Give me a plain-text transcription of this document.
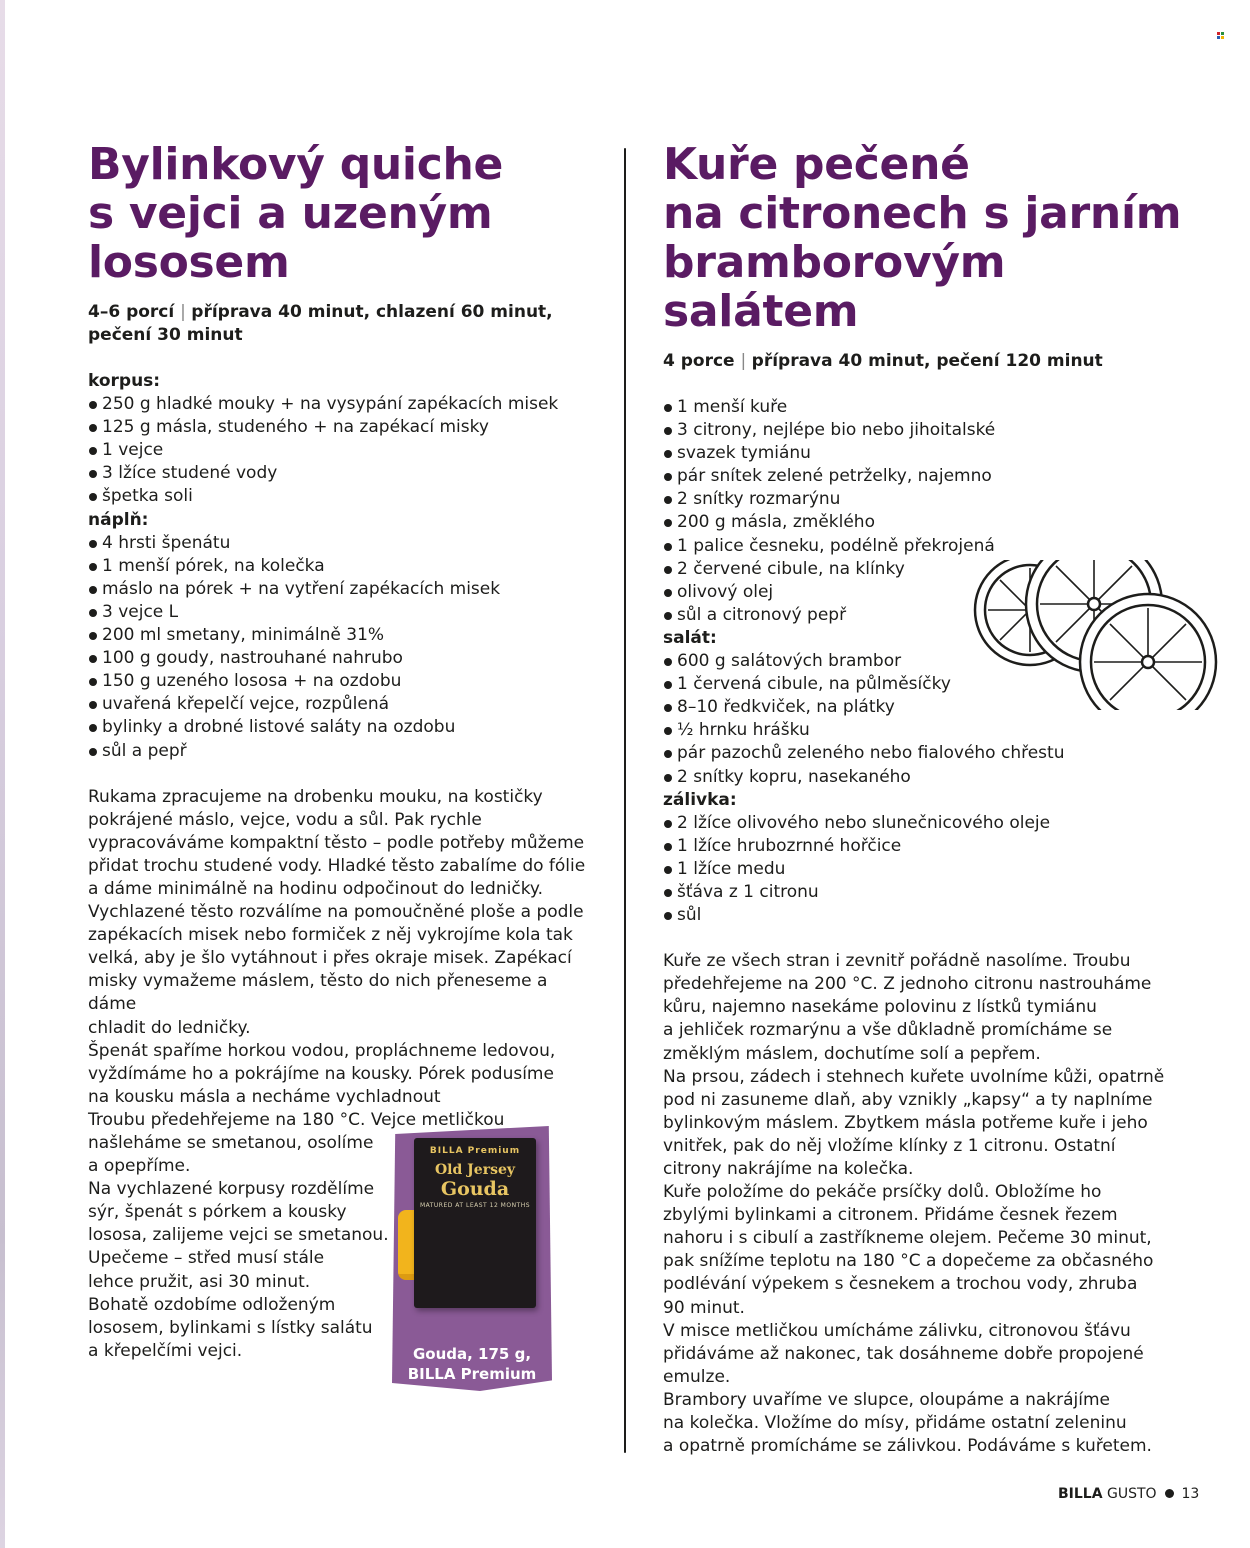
Bylinkový quiche
s vejci a uzeným
lososem
4–6 porcí | příprava 40 minut, chlazení 60 minut,
pečení 30 minut
korpus:
250 g hladké mouky + na vysypání zapékacích misek
125 g másla, studeného + na zapékací misky
1 vejce
3 lžíce studené vody
špetka soli
náplň:
4 hrsti špenátu
1 menší pórek, na kolečka
máslo na pórek + na vytření zapékacích misek
3 vejce L
200 ml smetany, minimálně 31%
100 g goudy, nastrouhané nahrubo
150 g uzeného lososa + na ozdobu
uvařená křepelčí vejce, rozpůlená
bylinky a drobné listové saláty na ozdobu
sůl a pepř

Rukama zpracujeme na drobenku mouku, na kostičky

pokrájené máslo, vejce, vodu a sůl. Pak rychle

vypracováváme kompaktní těsto – podle potřeby můžeme

přidat trochu studené vody. Hladké těsto zabalíme do fólie

a dáme minimálně na hodinu odpočinout do ledničky.

Vychlazené těsto rozválíme na pomoučněné ploše a podle

zapékacích misek nebo formiček z něj vykrojíme kola tak

velká, aby je šlo vytáhnout i přes okraje misek. Zapékací

misky vymažeme máslem, těsto do nich přeneseme a dáme

chladit do ledničky.

Špenát spaříme horkou vodou, propláchneme ledovou,

vyždímáme ho a pokrájíme na kousky. Pórek podusíme

na kousku másla a necháme vychladnout

Troubu předehřejeme na 180 °C. Vejce metličkou

našleháme se smetanou, osolíme

a opepříme.

Na vychlazené korpusy rozdělíme

sýr, špenát s pórkem a kousky

lososa, zalijeme vejci se smetanou.

Upečeme – střed musí stále

lehce pružit, asi 30 minut.

Bohatě ozdobíme odloženým

lososem, bylinkami s lístky salátu

a křepelčími vejci.

BILLA Premium
Old Jersey
Gouda
MATURED AT LEAST 12 MONTHS
Gouda, 175 g,
BILLA Premium
Kuře pečené
na citronech s jarním
bramborovým
salátem
4 porce | příprava 40 minut, pečení 120 minut
1 menší kuře
3 citrony, nejlépe bio nebo jihoitalské
svazek tymiánu
pár snítek zelené petrželky, najemno
2 snítky rozmarýnu
200 g másla, změklého
1 palice česneku, podélně překrojená
2 červené cibule, na klínky
olivový olej
sůl a citronový pepř
salát:
600 g salátových brambor
1 červená cibule, na půlměsíčky
8–10 ředkviček, na plátky
½ hrnku hrášku
pár pazochů zeleného nebo fialového chřestu
2 snítky kopru, nasekaného
zálivka:
2 lžíce olivového nebo slunečnicového oleje
1 lžíce hrubozrnné hořčice
1 lžíce medu
šťáva z 1 citronu
sůl

Kuře ze všech stran i zevnitř pořádně nasolíme. Troubu

předehřejeme na 200 °C. Z jednoho citronu nastrouháme

kůru, najemno nasekáme polovinu z lístků tymiánu

a jehliček rozmarýnu a vše důkladně promícháme se

změklým máslem, dochutíme solí a pepřem.

Na prsou, zádech i stehnech kuřete uvolníme kůži, opatrně

pod ni zasuneme dlaň, aby vznikly „kapsy“ a ty naplníme

bylinkovým máslem. Zbytkem másla potřeme kuře i jeho

vnitřek, pak do něj vložíme klínky z 1 citronu. Ostatní

citrony nakrájíme na kolečka.

Kuře položíme do pekáče prsíčky dolů. Obložíme ho

zbylými bylinkami a citronem. Přidáme česnek řezem

nahoru i s cibulí a zastříkneme olejem. Pečeme 30 minut,

pak snížíme teplotu na 180 °C a dopečeme za občasného

podlévání výpekem s česnekem a trochou vody, zhruba

90 minut.

V misce metličkou umícháme zálivku, citronovou šťávu

přidáváme až nakonec, tak dosáhneme dobře propojené

emulze.

Brambory uvaříme ve slupce, oloupáme a nakrájíme

na kolečka. Vložíme do mísy, přidáme ostatní zeleninu

a opatrně promícháme se zálivkou. Podáváme s kuřetem.

BILLA GUSTO 13
